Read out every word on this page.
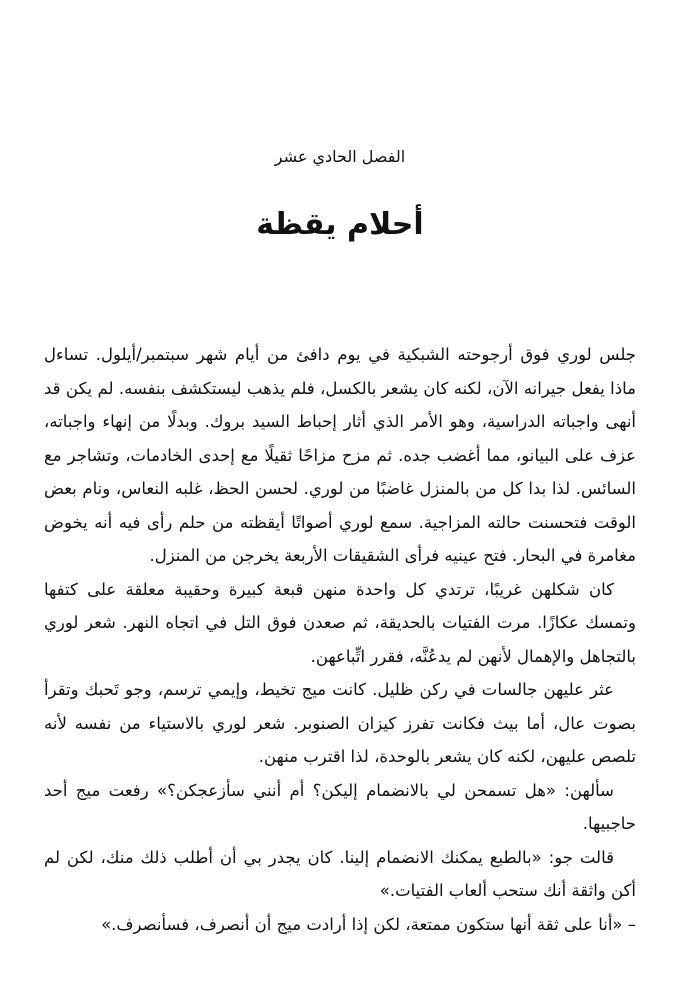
الفصل الحادي عشر
أحلام يقظة

جلس لوري فوق أرجوحته الشبكية في يوم دافئ من أيام شهر سبتمبر/أيلول. تساءل ماذا يفعل جيرانه الآن، لكنه كان يشعر بالكسل، فلم يذهب ليستكشف بنفسه. لم يكن قد أنهى واجباته الدراسية، وهو الأمر الذي أثار إحباط السيد بروك. وبدلًا من إنهاء واجباته، عزف على البيانو، مما أغضب جده. ثم مزح مزاحًا ثقيلًا مع إحدى الخادمات، وتشاجر مع السائس. لذا بدا كل من بالمنزل غاضبًا من لوري. لحسن الحظ، غلبه النعاس، ونام بعض الوقت فتحسنت حالته المزاجية. سمع لوري أصواتًا أيقظته من حلم رأى فيه أنه يخوض مغامرة في البحار. فتح عينيه فرأى الشقيقات الأربعة يخرجن من المنزل.

كان شكلهن غريبًا، ترتدي كل واحدة منهن قبعة كبيرة وحقيبة معلقة على كتفها وتمسك عكازًا. مرت الفتيات بالحديقة، ثم صعدن فوق التل في اتجاه النهر. شعر لوري بالتجاهل والإهمال لأنهن لم يدعُنَّه، فقرر اتِّباعهن.

عثر عليهن جالسات في ركن ظليل. كانت ميج تخيط، وإيمي ترسم، وجو تَحبك وتقرأ بصوت عال، أما بيث فكانت تفرز كيزان الصنوبر. شعر لوري بالاستياء من نفسه لأنه تلصص عليهن، لكنه كان يشعر بالوحدة، لذا اقترب منهن.

سألهن: «هل تسمحن لي بالانضمام إليكن؟ أم أنني سأزعجكن؟» رفعت ميج أحد حاجبيها.

قالت جو: «بالطبع يمكنك الانضمام إلينا. كان يجدر بي أن أطلب ذلك منك، لكن لم أكن واثقة أنك ستحب ألعاب الفتيات.»

– «أنا على ثقة أنها ستكون ممتعة، لكن إذا أرادت ميج أن أنصرف، فسأنصرف.»
